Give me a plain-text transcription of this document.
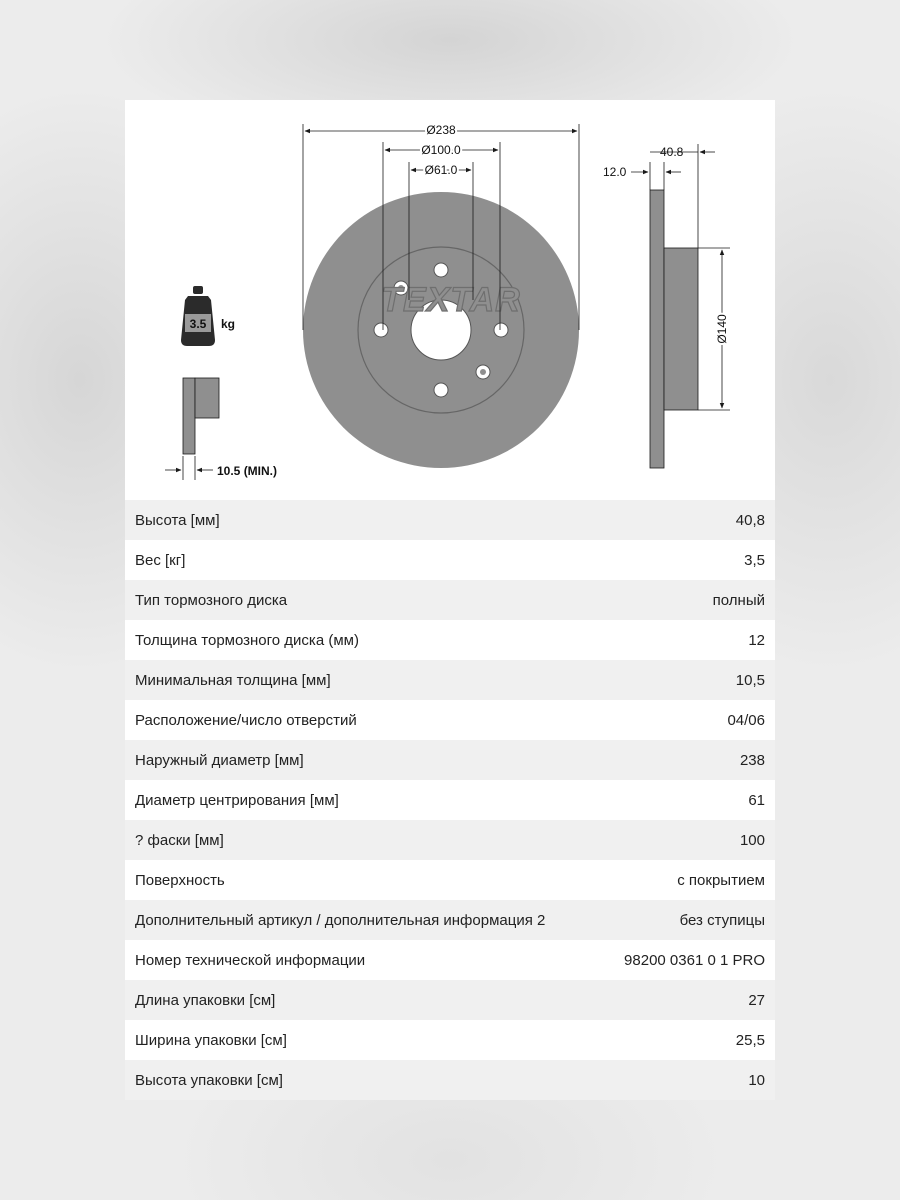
TEXTAR
Ø238
Ø100.0
Ø61.0	12.0
40.8
Ø140
3.5 kg
10.5 (MIN.)
Высота [мм]	40,8
Вес [кг]	3,5
Тип тормозного диска	полный
Толщина тормозного диска (мм)	12
Минимальная толщина [мм]	10,5
Расположение/число отверстий	04/06
Наружный диаметр [мм]	238
Диаметр центрирования [мм]	61
? фаски [мм]	100
Поверхность	с покрытием
Дополнительный артикул / дополнительная информация 2	без ступицы
Номер технической информации	98200 0361 0 1 PRO
Длина упаковки [см]	27
Ширина упаковки [см]	25,5
Высота упаковки [см]	10
